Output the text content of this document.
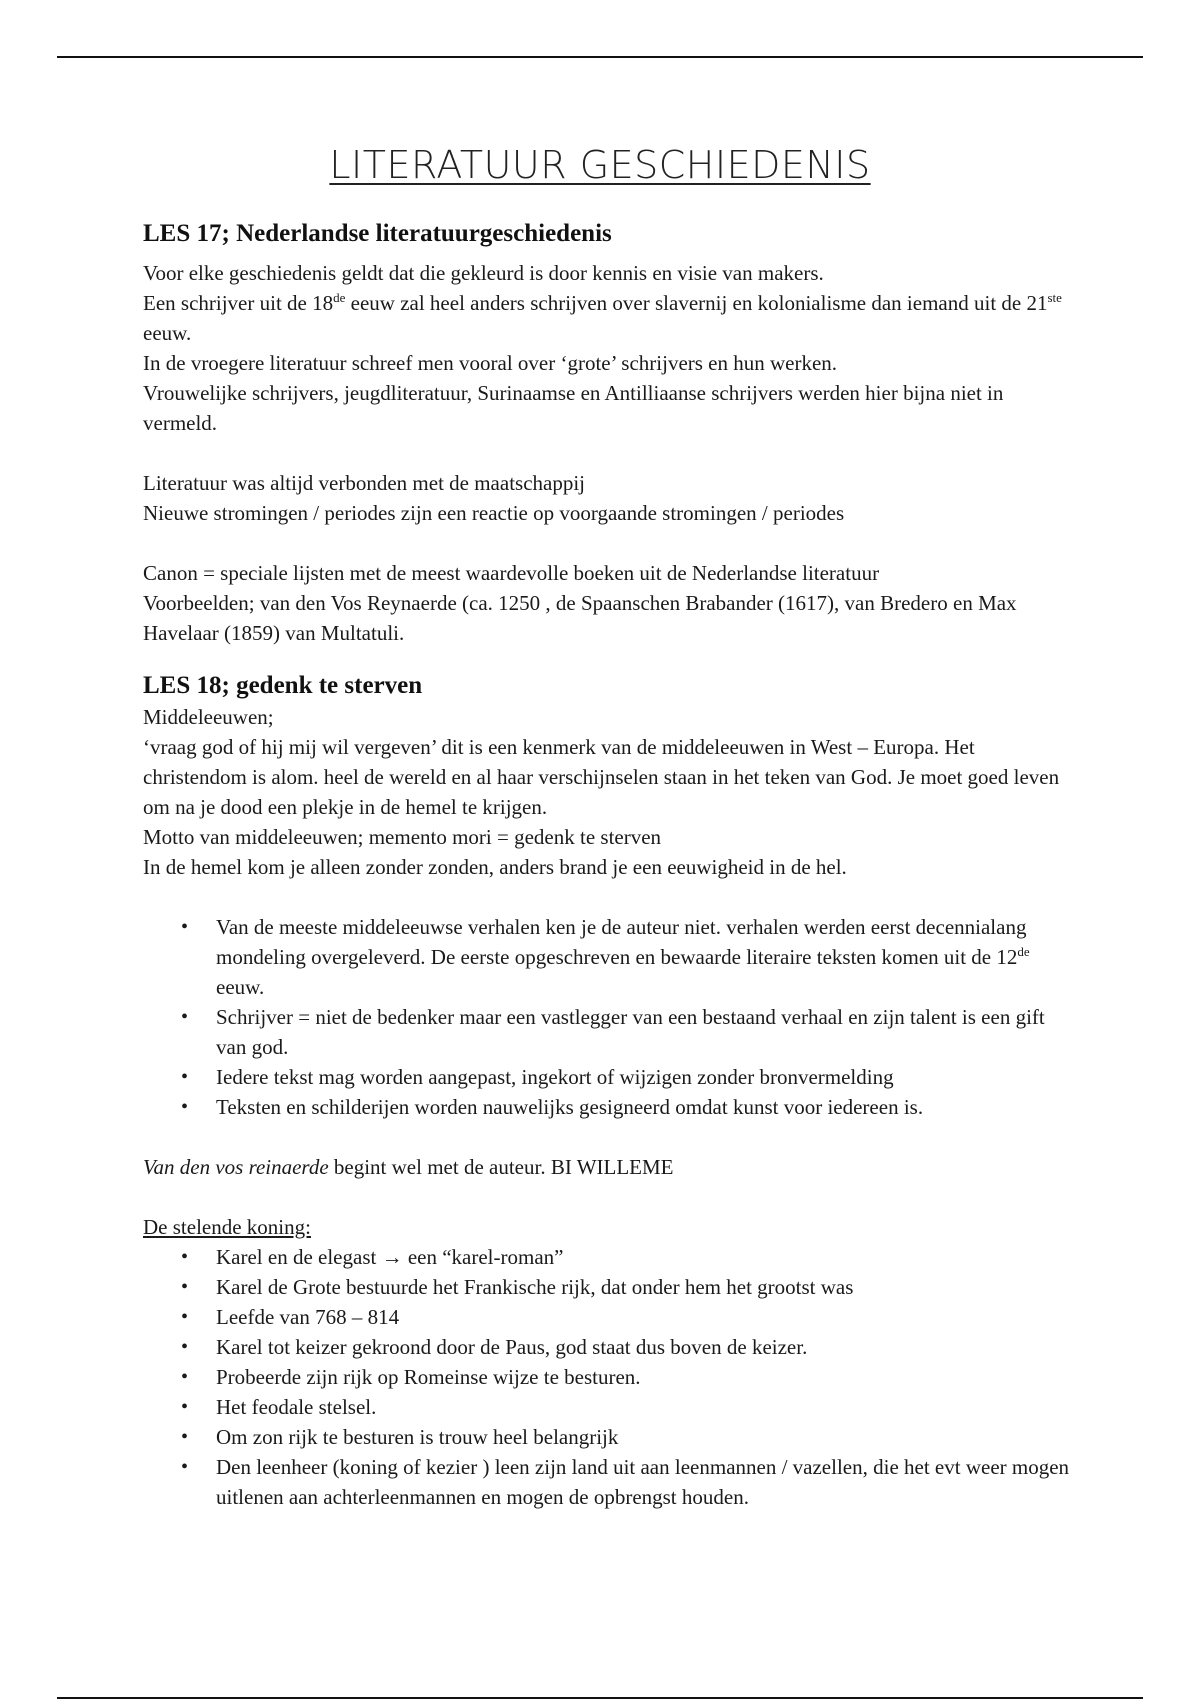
LITERATUUR GESCHIEDENIS
LES 17; Nederlandse literatuurgeschiedenis

Voor elke geschiedenis geldt dat die gekleurd is door kennis en visie van makers.

Een schrijver uit de 18de eeuw zal heel anders schrijven over slavernij en kolonialisme dan iemand uit de 21ste eeuw.

In de vroegere literatuur schreef men vooral over ‘grote’ schrijvers en hun werken.

Vrouwelijke schrijvers, jeugdliteratuur, Surinaamse en Antilliaanse schrijvers werden hier bijna niet in vermeld.

Literatuur was altijd verbonden met de maatschappij

Nieuwe stromingen / periodes zijn een reactie op voorgaande stromingen / periodes

Canon = speciale lijsten met de meest waardevolle boeken uit de Nederlandse literatuur

Voorbeelden; van den Vos Reynaerde (ca. 1250 , de Spaanschen Brabander (1617), van Bredero en Max Havelaar (1859) van Multatuli.

LES 18; gedenk te sterven

Middeleeuwen;

‘vraag god of hij mij wil vergeven’ dit is een kenmerk van de middeleeuwen in West – Europa. Het christendom is alom. heel de wereld en al haar verschijnselen staan in het teken van God. Je moet goed leven om na je dood een plekje in de hemel te krijgen.

Motto van middeleeuwen; memento mori = gedenk te sterven

In de hemel kom je alleen zonder zonden, anders brand je een eeuwigheid in de hel.

• Van de meeste middeleeuwse verhalen ken je de auteur niet. verhalen werden eerst decennialang mondeling overgeleverd. De eerste opgeschreven en bewaarde literaire teksten komen uit de 12de eeuw.
• Schrijver = niet de bedenker maar een vastlegger van een bestaand verhaal en zijn talent is een gift van god.
• Iedere tekst mag worden aangepast, ingekort of wijzigen zonder bronvermelding
• Teksten en schilderijen worden nauwelijks gesigneerd omdat kunst voor iedereen is.

Van den vos reinaerde begint wel met de auteur. BI WILLEME

De stelende koning:

• Karel en de elegast → een “karel-roman”
• Karel de Grote bestuurde het Frankische rijk, dat onder hem het grootst was
• Leefde van 768 – 814
• Karel tot keizer gekroond door de Paus, god staat dus boven de keizer.
• Probeerde zijn rijk op Romeinse wijze te besturen.
• Het feodale stelsel.
• Om zon rijk te besturen is trouw heel belangrijk
• Den leenheer (koning of kezier ) leen zijn land uit aan leenmannen / vazellen, die het evt weer mogen uitlenen aan achterleenmannen en mogen de opbrengst houden.
